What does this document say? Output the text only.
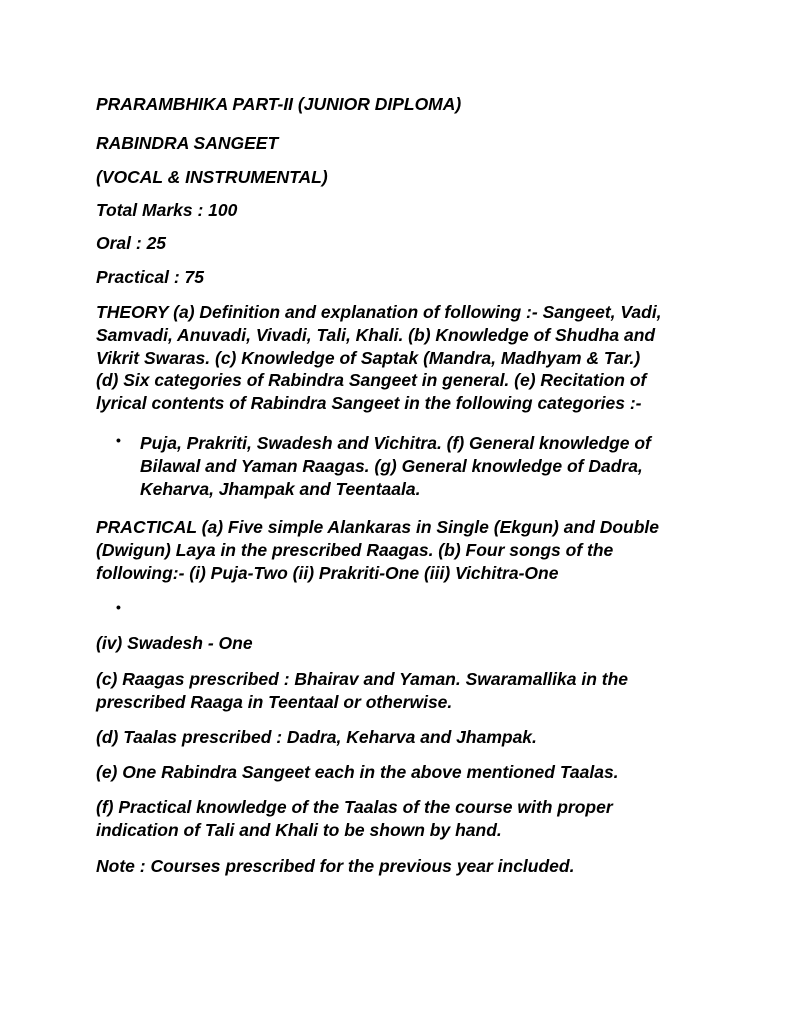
PRARAMBHIKA PART-II (JUNIOR DIPLOMA)
RABINDRA SANGEET
(VOCAL & INSTRUMENTAL)
Total Marks : 100
Oral : 25
Practical : 75
THEORY (a) Definition and explanation of following :- Sangeet, Vadi,
Samvadi, Anuvadi, Vivadi, Tali, Khali. (b) Knowledge of Shudha and
Vikrit Swaras. (c) Knowledge of Saptak (Mandra, Madhyam & Tar.)
(d) Six categories of Rabindra Sangeet in general. (e) Recitation of
lyrical contents of Rabindra Sangeet in the following categories :-
• Puja, Prakriti, Swadesh and Vichitra. (f) General knowledge of
Bilawal and Yaman Raagas. (g) General knowledge of Dadra,
Keharva, Jhampak and Teentaala.
PRACTICAL (a) Five simple Alankaras in Single (Ekgun) and Double
(Dwigun) Laya in the prescribed Raagas. (b) Four songs of the
following:- (i) Puja-Two (ii) Prakriti-One (iii) Vichitra-One
•
(iv) Swadesh - One
(c) Raagas prescribed : Bhairav and Yaman. Swaramallika in the
prescribed Raaga in Teentaal or otherwise.
(d) Taalas prescribed : Dadra, Keharva and Jhampak.
(e) One Rabindra Sangeet each in the above mentioned Taalas.
(f) Practical knowledge of the Taalas of the course with proper
indication of Tali and Khali to be shown by hand.
Note : Courses prescribed for the previous year included.
